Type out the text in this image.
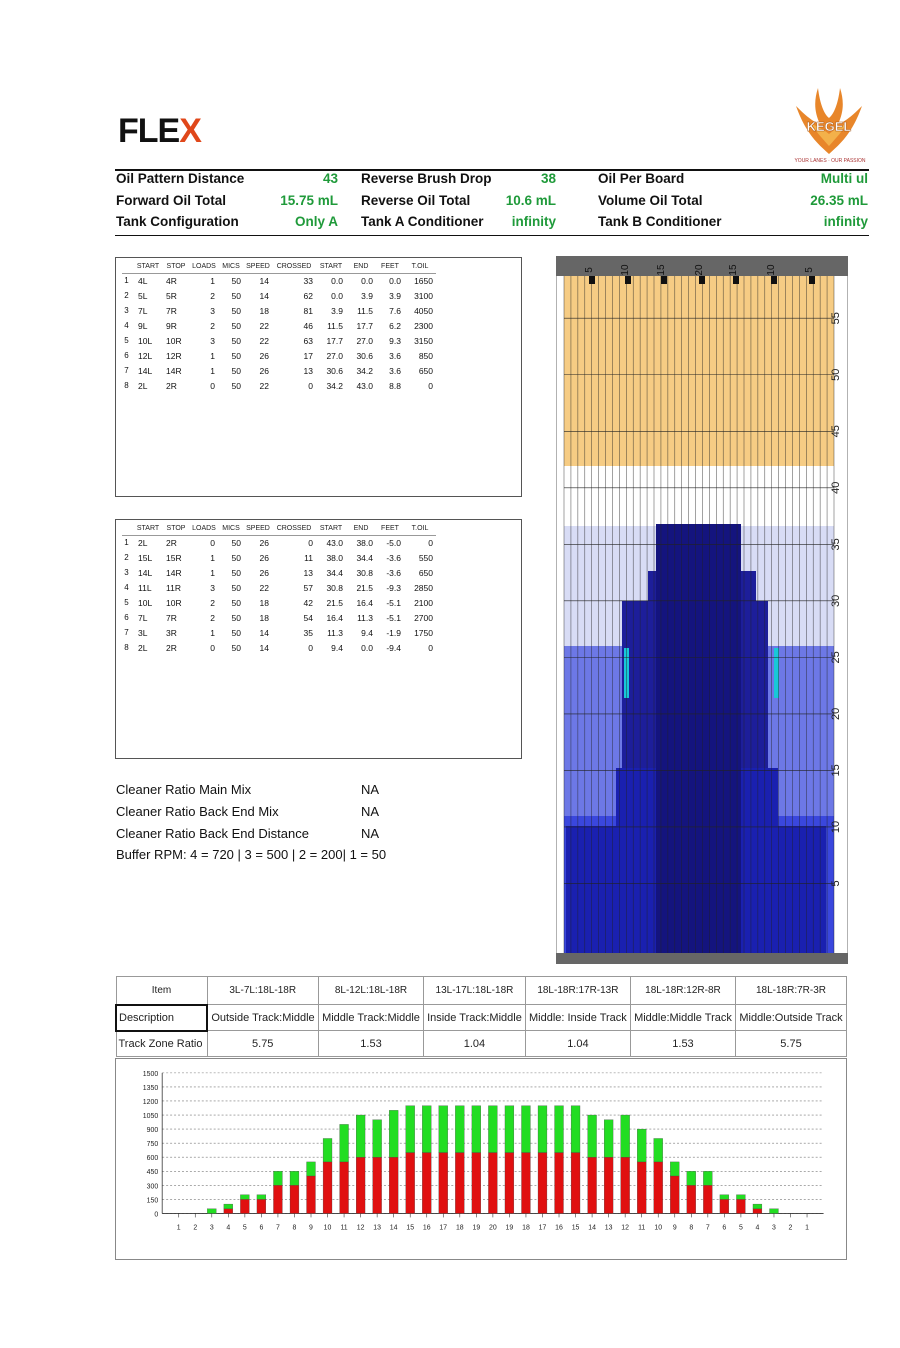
FLEX	KEGEL
YOUR LANES · OUR PASSION
Oil Pattern Distance	43 Reverse Brush Drop	38	Oil Per Board	Multi ul
Forward Oil Total	15.75 mL Reverse Oil Total	10.6 mL	Volume Oil Total	26.35 mL
Tank Configuration	Only A Tank A Conditioner	infinity	Tank B Conditioner	infinity
	START	STOP	LOADS	MICS	SPEED	CROSSED	START	END	FEET	T.OIL
1	4L	4R	1	50	14	33	0.0	0.0	0.0	1650
2	5L	5R	2	50	14	62	0.0	3.9	3.9	3100
3	7L	7R	3	50	18	81	3.9	11.5	7.6	4050
4	9L	9R	2	50	22	46	11.5	17.7	6.2	2300
5	10L	10R	3	50	22	63	17.7	27.0	9.3	3150
6	12L	12R	1	50	26	17	27.0	30.6	3.6	850
7	14L	14R	1	50	26	13	30.6	34.2	3.6	650
8	2L	2R	0	50	22	0	34.2	43.0	8.8	0
	START	STOP	LOADS	MICS	SPEED	CROSSED	START	END	FEET	T.OIL
1	2L	2R	0	50	26	0	43.0	38.0	-5.0	0
2	15L	15R	1	50	26	11	38.0	34.4	-3.6	550
3	14L	14R	1	50	26	13	34.4	30.8	-3.6	650
4	11L	11R	3	50	22	57	30.8	21.5	-9.3	2850
5	10L	10R	2	50	18	42	21.5	16.4	-5.1	2100
6	7L	7R	2	50	18	54	16.4	11.3	-5.1	2700
7	3L	3R	1	50	14	35	11.3	9.4	-1.9	1750
8	2L	2R	0	50	14	0	9.4	0.0	-9.4	0
Cleaner Ratio Main Mix	NA
Cleaner Ratio Back End Mix	NA
Cleaner Ratio Back End Distance	NA
Buffer RPM: 4 = 720 | 3 = 500 | 2 = 200| 1 = 50
55
50
45
40
35
30
25
20
15
10
5
5	10	15	20 15	10	5
Item	3L-7L:18L-18R	8L-12L:18L-18R	13L-17L:18L-18R	18L-18R:17R-13R	18L-18R:12R-8R	18L-18R:7R-3R
Description	Outside Track:Middle	Middle Track:Middle	Inside Track:Middle	Middle: Inside Track	Middle:Middle Track	Middle:Outside Track
Track Zone Ratio	5.75	1.53	1.04	1.04	1.53	5.75
1500
1350
1200
1050
900
750
600
450
300
150
0
1 2 3 4 5 6 7 8 9 10 11 12 13 14 15 16 17 18 19 20 19 18 17 16 15 14 13 12 11 10 9 8 7 6 5 4 3 2 1
